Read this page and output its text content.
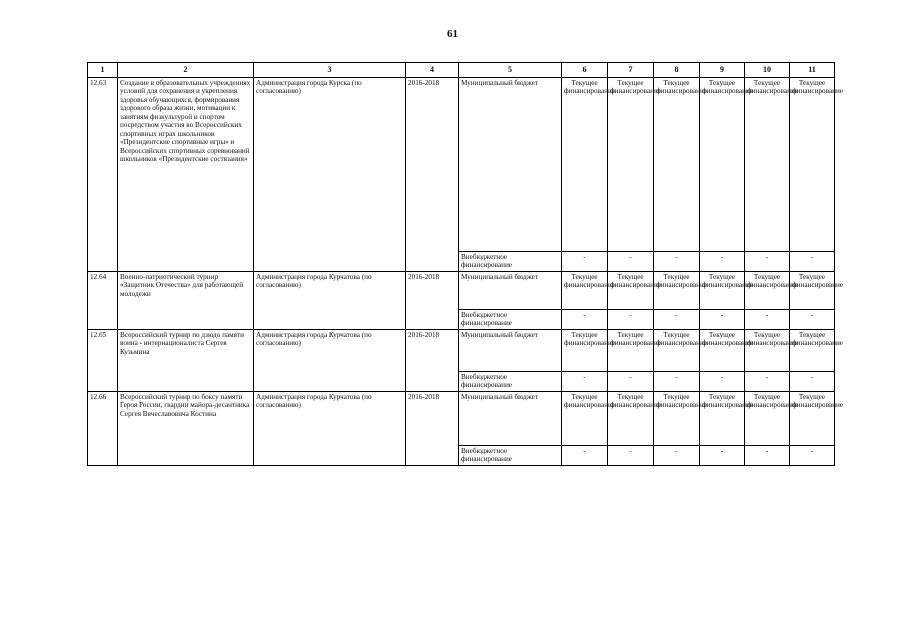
61
1	2	3	4	5	6	7	8	9	10	11
12.63	Создание в образовательных учреждениях условий для сохранения и укрепления здоровья обучающихся, формирования здорового образа жизни, мотивации к занятиям физкультурой и спортом посредством участия во Всероссийских спортивных играх школьников «Президентские спортивные игры» и Всероссийских спортивных соревнований школьников «Президентские состязания»	Администрация города Курска (по согласованию)	2016-2018	Муниципальный бюджет	Текущее финансирование	Текущее финансирование	Текущее финансирование	Текущее финансирование	Текущее финансирование	Текущее финансирование
				Внебюджетное финансирование	-	-	-	-	-	-
12.64	Военно-патриотический турнир «Защитник Отечества» для работающей молодежи	Администрация города Курчатова (по согласованию)	2016-2018	Муниципальный бюджет	Текущее финансирование	Текущее финансирование	Текущее финансирование	Текущее финансирование	Текущее финансирование	Текущее финансирование
				Внебюджетное финансирование	-	-	-	-	-	-
12.65	Всероссийский турнир по дзюдо памяти воина - интернационалиста Сергея Кузьмина	Администрация города Курчатова (по согласованию)	2016-2018	Муниципальный бюджет	Текущее финансирование	Текущее финансирование	Текущее финансирование	Текущее финансирование	Текущее финансирование	Текущее финансирование
				Внебюджетное финансирование	-	-	-	-	-	-
12.66	Всероссийский турнир по боксу памяти Героя России, гвардии майора-десантника Сергея Вячеславовича Костина	Администрация города Курчатова (по согласованию)	2016-2018	Муниципальный бюджет	Текущее финансирование	Текущее финансирование	Текущее финансирование	Текущее финансирование	Текущее финансирование	Текущее финансирование
				Внебюджетное финансирование	-	-	-	-	-	-
